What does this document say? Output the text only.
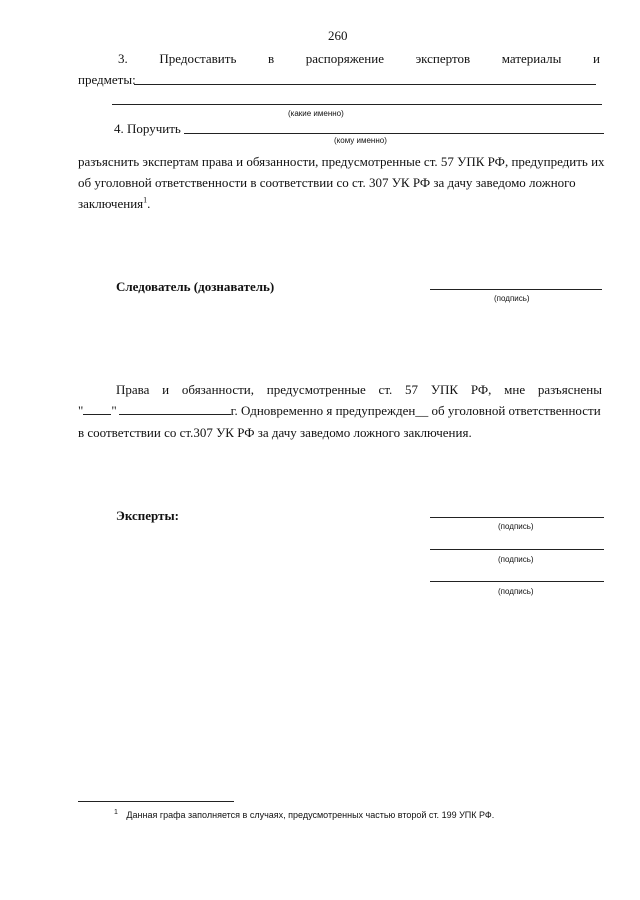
260
3. Предоставить в распоряжение экспертов материалы и
предметы:
(какие именно)
4. Поручить
(кому именно)
разъяснить экспертам права и обязанности, предусмотренные ст. 57 УПК РФ, предупредить их
об уголовной ответственности в соответствии со ст. 307 УК РФ за дачу заведомо ложного
заключения$^1$.
Следователь (дознаватель)
(подпись)
Права и обязанности, предусмотренные ст. 57 УПК РФ, мне разъяснены
" "	г. Одновременно я предупрежден__ об уголовной ответственности
в соответствии со ст.307 УК РФ за дачу заведомо ложного заключения.
Эксперты:
(подпись)
(подпись)
(подпись)
$^1$ Данная графа заполняется в случаях, предусмотренных частью второй ст. 199 УПК РФ.
